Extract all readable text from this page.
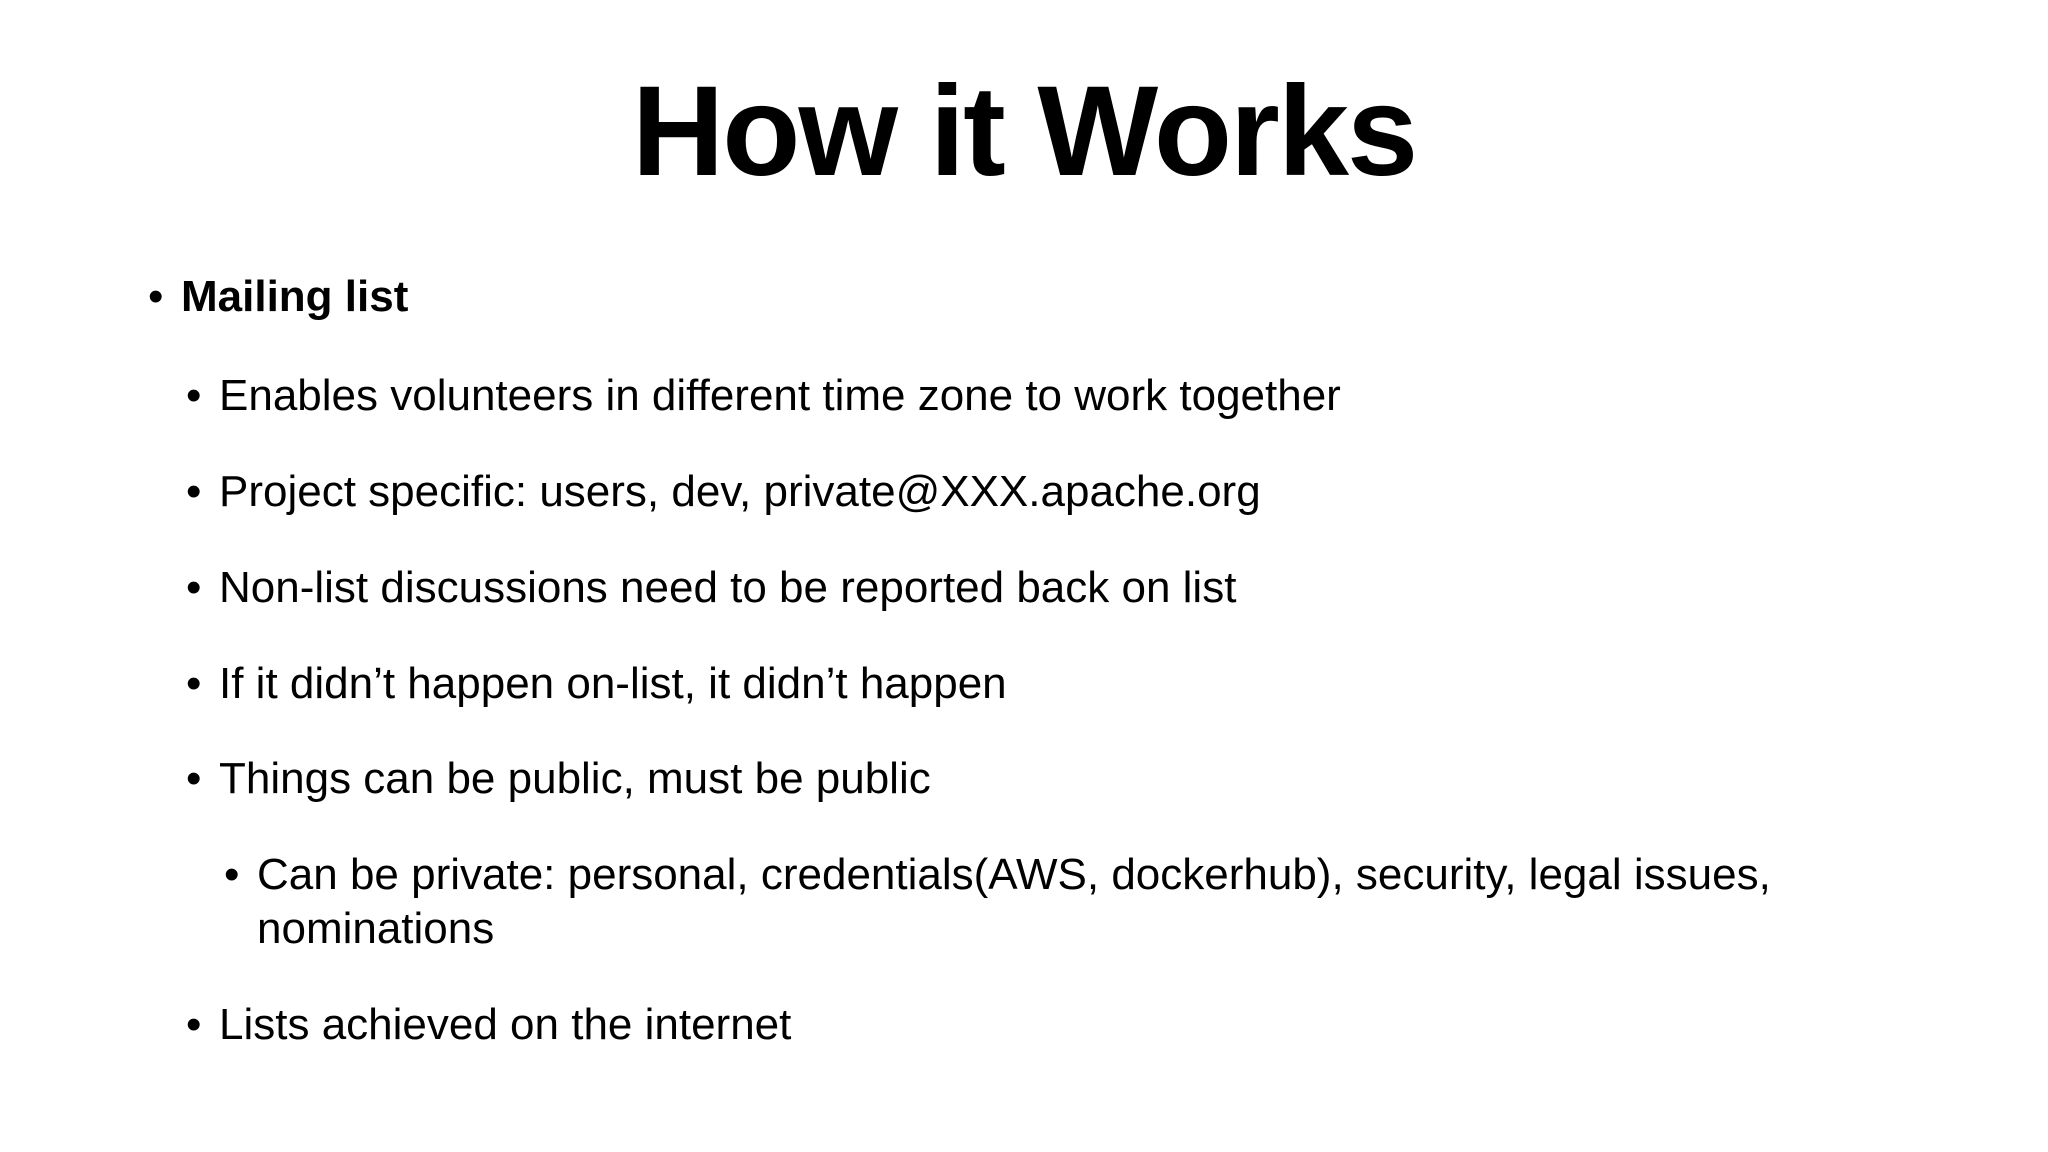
How it Works
• Mailing list
• Enables volunteers in different time zone to work together
• Project specific: users, dev, private@XXX.apache.org
• Non-list discussions need to be reported back on list
• If it didn’t happen on-list, it didn’t happen
• Things can be public, must be public
• Can be private: personal, credentials(AWS, dockerhub), security, legal issues, nominations
• Lists achieved on the internet
